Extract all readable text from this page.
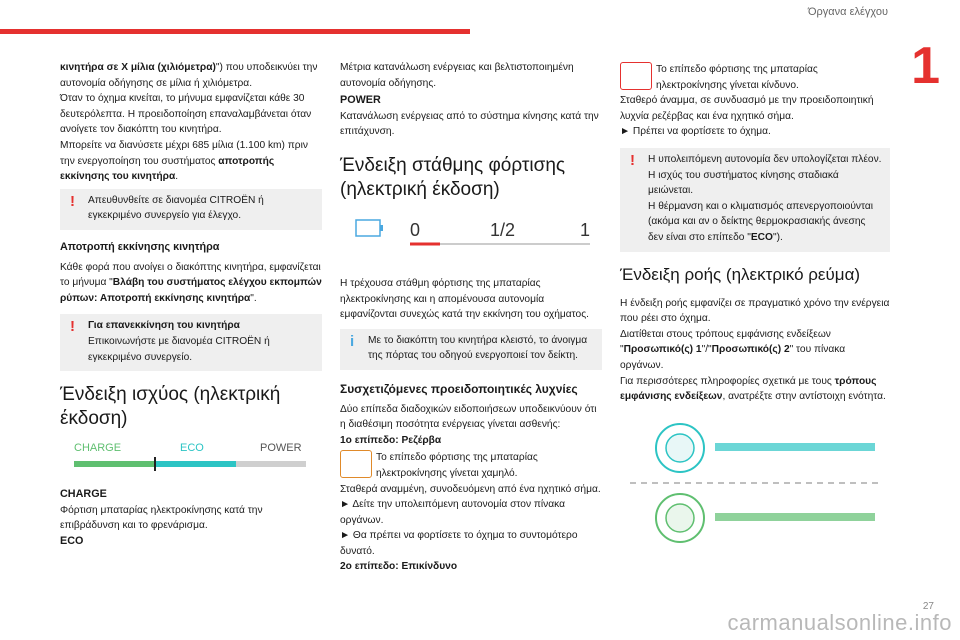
Όργανα ελέγχου
1

κινητήρα σε Χ μίλια (χιλιόμετρα)") που υποδεικνύει την αυτονομία οδήγησης σε μίλια ή χιλιόμετρα.

Όταν το όχημα κινείται, το μήνυμα εμφανίζεται κάθε 30 δευτερόλεπτα. Η προειδοποίηση επαναλαμβάνεται όταν ανοίγετε τον διακόπτη του κινητήρα.

Μπορείτε να διανύσετε μέχρι 685 μίλια (1.100 km) πριν την ενεργοποίηση του συστήματος αποτροπής εκκίνησης του κινητήρα.

! Απευθυνθείτε σε διανομέα CITROËN ή εγκεκριμένο συνεργείο για έλεγχο.

Αποτροπή εκκίνησης κινητήρα

Κάθε φορά που ανοίγει ο διακόπτης κινητήρα, εμφανίζεται το μήνυμα "Βλάβη του συστήματος ελέγχου εκπομπών ρύπων: Αποτροπή εκκίνησης κινητήρα".

! Για επανεκκίνηση του κινητήρα

Επικοινωνήστε με διανομέα CITROËN ή εγκεκριμένο συνεργείο.

Ένδειξη ισχύος (ηλεκτρική έκδοση)
CHARGE	ECO	POWER
CHARGE

Φόρτιση μπαταρίας ηλεκτροκίνησης κατά την επιβράδυνση και το φρενάρισμα.

ECO

Μέτρια κατανάλωση ενέργειας και βελτιστοποιημένη αυτονομία οδήγησης.

POWER

Κατανάλωση ενέργειας από το σύστημα κίνησης κατά την επιτάχυνση.

Ένδειξη στάθμης φόρτισης (ηλεκτρική έκδοση)
0	1/2	1

Η τρέχουσα στάθμη φόρτισης της μπαταρίας ηλεκτροκίνησης και η απομένουσα αυτονομία εμφανίζονται συνεχώς κατά την εκκίνηση του οχήματος.

i Με το διακόπτη του κινητήρα κλειστό, το άνοιγμα της πόρτας του οδηγού ενεργοποιεί τον δείκτη.

Συσχετιζόμενες προειδοποιητικές λυχνίες

Δύο επίπεδα διαδοχικών ειδοποιήσεων υποδεικνύουν ότι η διαθέσιμη ποσότητα ενέργειας γίνεται ασθενής:

1ο επίπεδο: Ρεζέρβα

Το επίπεδο φόρτισης της μπαταρίας ηλεκτροκίνησης γίνεται χαμηλό.

Σταθερά αναμμένη, συνοδευόμενη από ένα ηχητικό σήμα.

► Δείτε την υπολειπόμενη αυτονομία στον πίνακα οργάνων.

► Θα πρέπει να φορτίσετε το όχημα το συντομότερο δυνατό.

2ο επίπεδο: Επικίνδυνο

Το επίπεδο φόρτισης της μπαταρίας ηλεκτροκίνησης γίνεται κίνδυνο.

Σταθερό άναμμα, σε συνδυασμό με την προειδοποιητική λυχνία ρεζέρβας και ένα ηχητικό σήμα.

► Πρέπει να φορτίσετε το όχημα.

! Η υπολειπόμενη αυτονομία δεν υπολογίζεται πλέον. Η ισχύς του συστήματος κίνησης σταδιακά μειώνεται.

Η θέρμανση και ο κλιματισμός απενεργοποιούνται (ακόμα και αν ο δείκτης θερμοκρασιακής άνεσης δεν είναι στο επίπεδο "ECO").

Ένδειξη ροής (ηλεκτρικό ρεύμα)

Η ένδειξη ροής εμφανίζει σε πραγματικό χρόνο την ενέργεια που ρέει στο όχημα.

Διατίθεται στους τρόπους εμφάνισης ενδείξεων "Προσωπικό(ς) 1"/"Προσωπικό(ς) 2" του πίνακα οργάνων.

Για περισσότερες πληροφορίες σχετικά με τους τρόπους εμφάνισης ενδείξεων, ανατρέξτε στην αντίστοιχη ενότητα.

27
carmanualsonline.info
